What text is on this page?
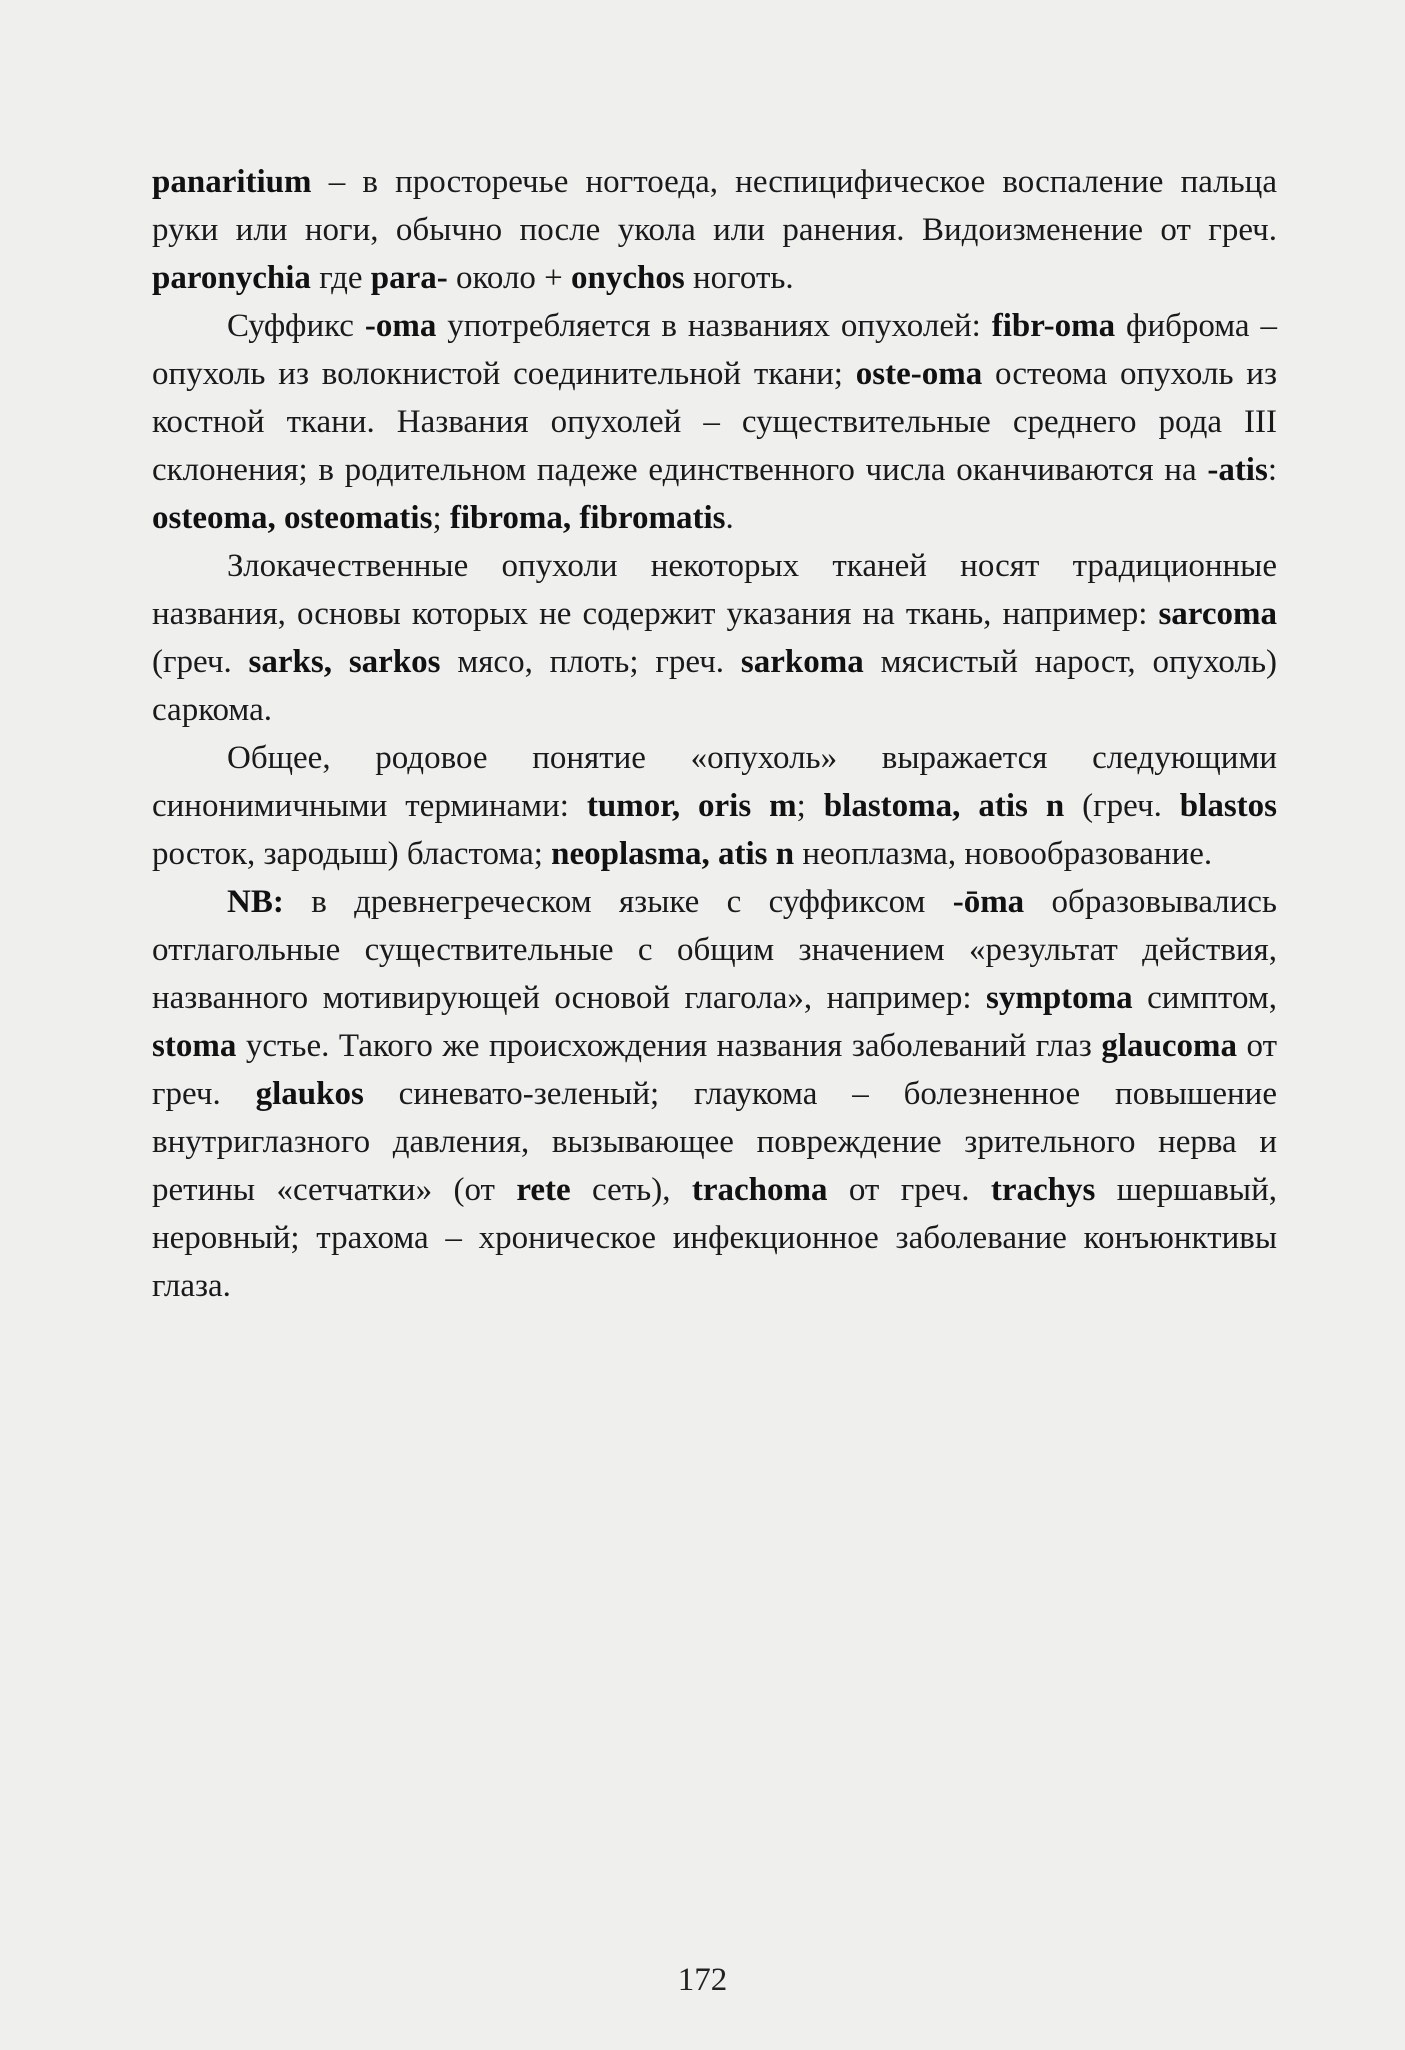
panaritium – в просторечье ногтоеда, неспицифическое воспаление пальца руки или ноги, обычно после укола или ранения. Видоизменение от греч. paronychia где para- около + onychos ноготь.

Суффикс -oma употребляется в названиях опухолей: fibr-oma фиброма – опухоль из волокнистой соединительной ткани; oste-oma остеома опухоль из костной ткани. Названия опухолей – существительные среднего рода III склонения; в родительном падеже единственного числа оканчиваются на -atis: osteoma, osteomatis; fibroma, fibromatis.

Злокачественные опухоли некоторых тканей носят традиционные названия, основы которых не содержит указания на ткань, например: sarcoma (греч. sarks, sarkos мясо, плоть; греч. sarkoma мясистый нарост, опухоль) саркома.

Общее, родовое понятие «опухоль» выражается следующими синонимичными терминами: tumor, oris m; blastoma, atis n (греч. blastos росток, зародыш) бластома; neoplasma, atis n неоплазма, новообразование.

NB: в древнегреческом языке с суффиксом -ōma образовывались отглагольные существительные с общим значением «результат действия, названного мотивирующей основой глагола», например: symptoma симптом, stoma устье. Такого же происхождения названия заболеваний глаз glaucoma от греч. glaukos синевато-зеленый; глаукома – болезненное повышение внутриглазного давления, вызывающее повреждение зрительного нерва и ретины «сетчатки» (от rete сеть), trachoma от греч. trachys шершавый, неровный; трахома – хроническое инфекционное заболевание конъюнктивы глаза.

172
